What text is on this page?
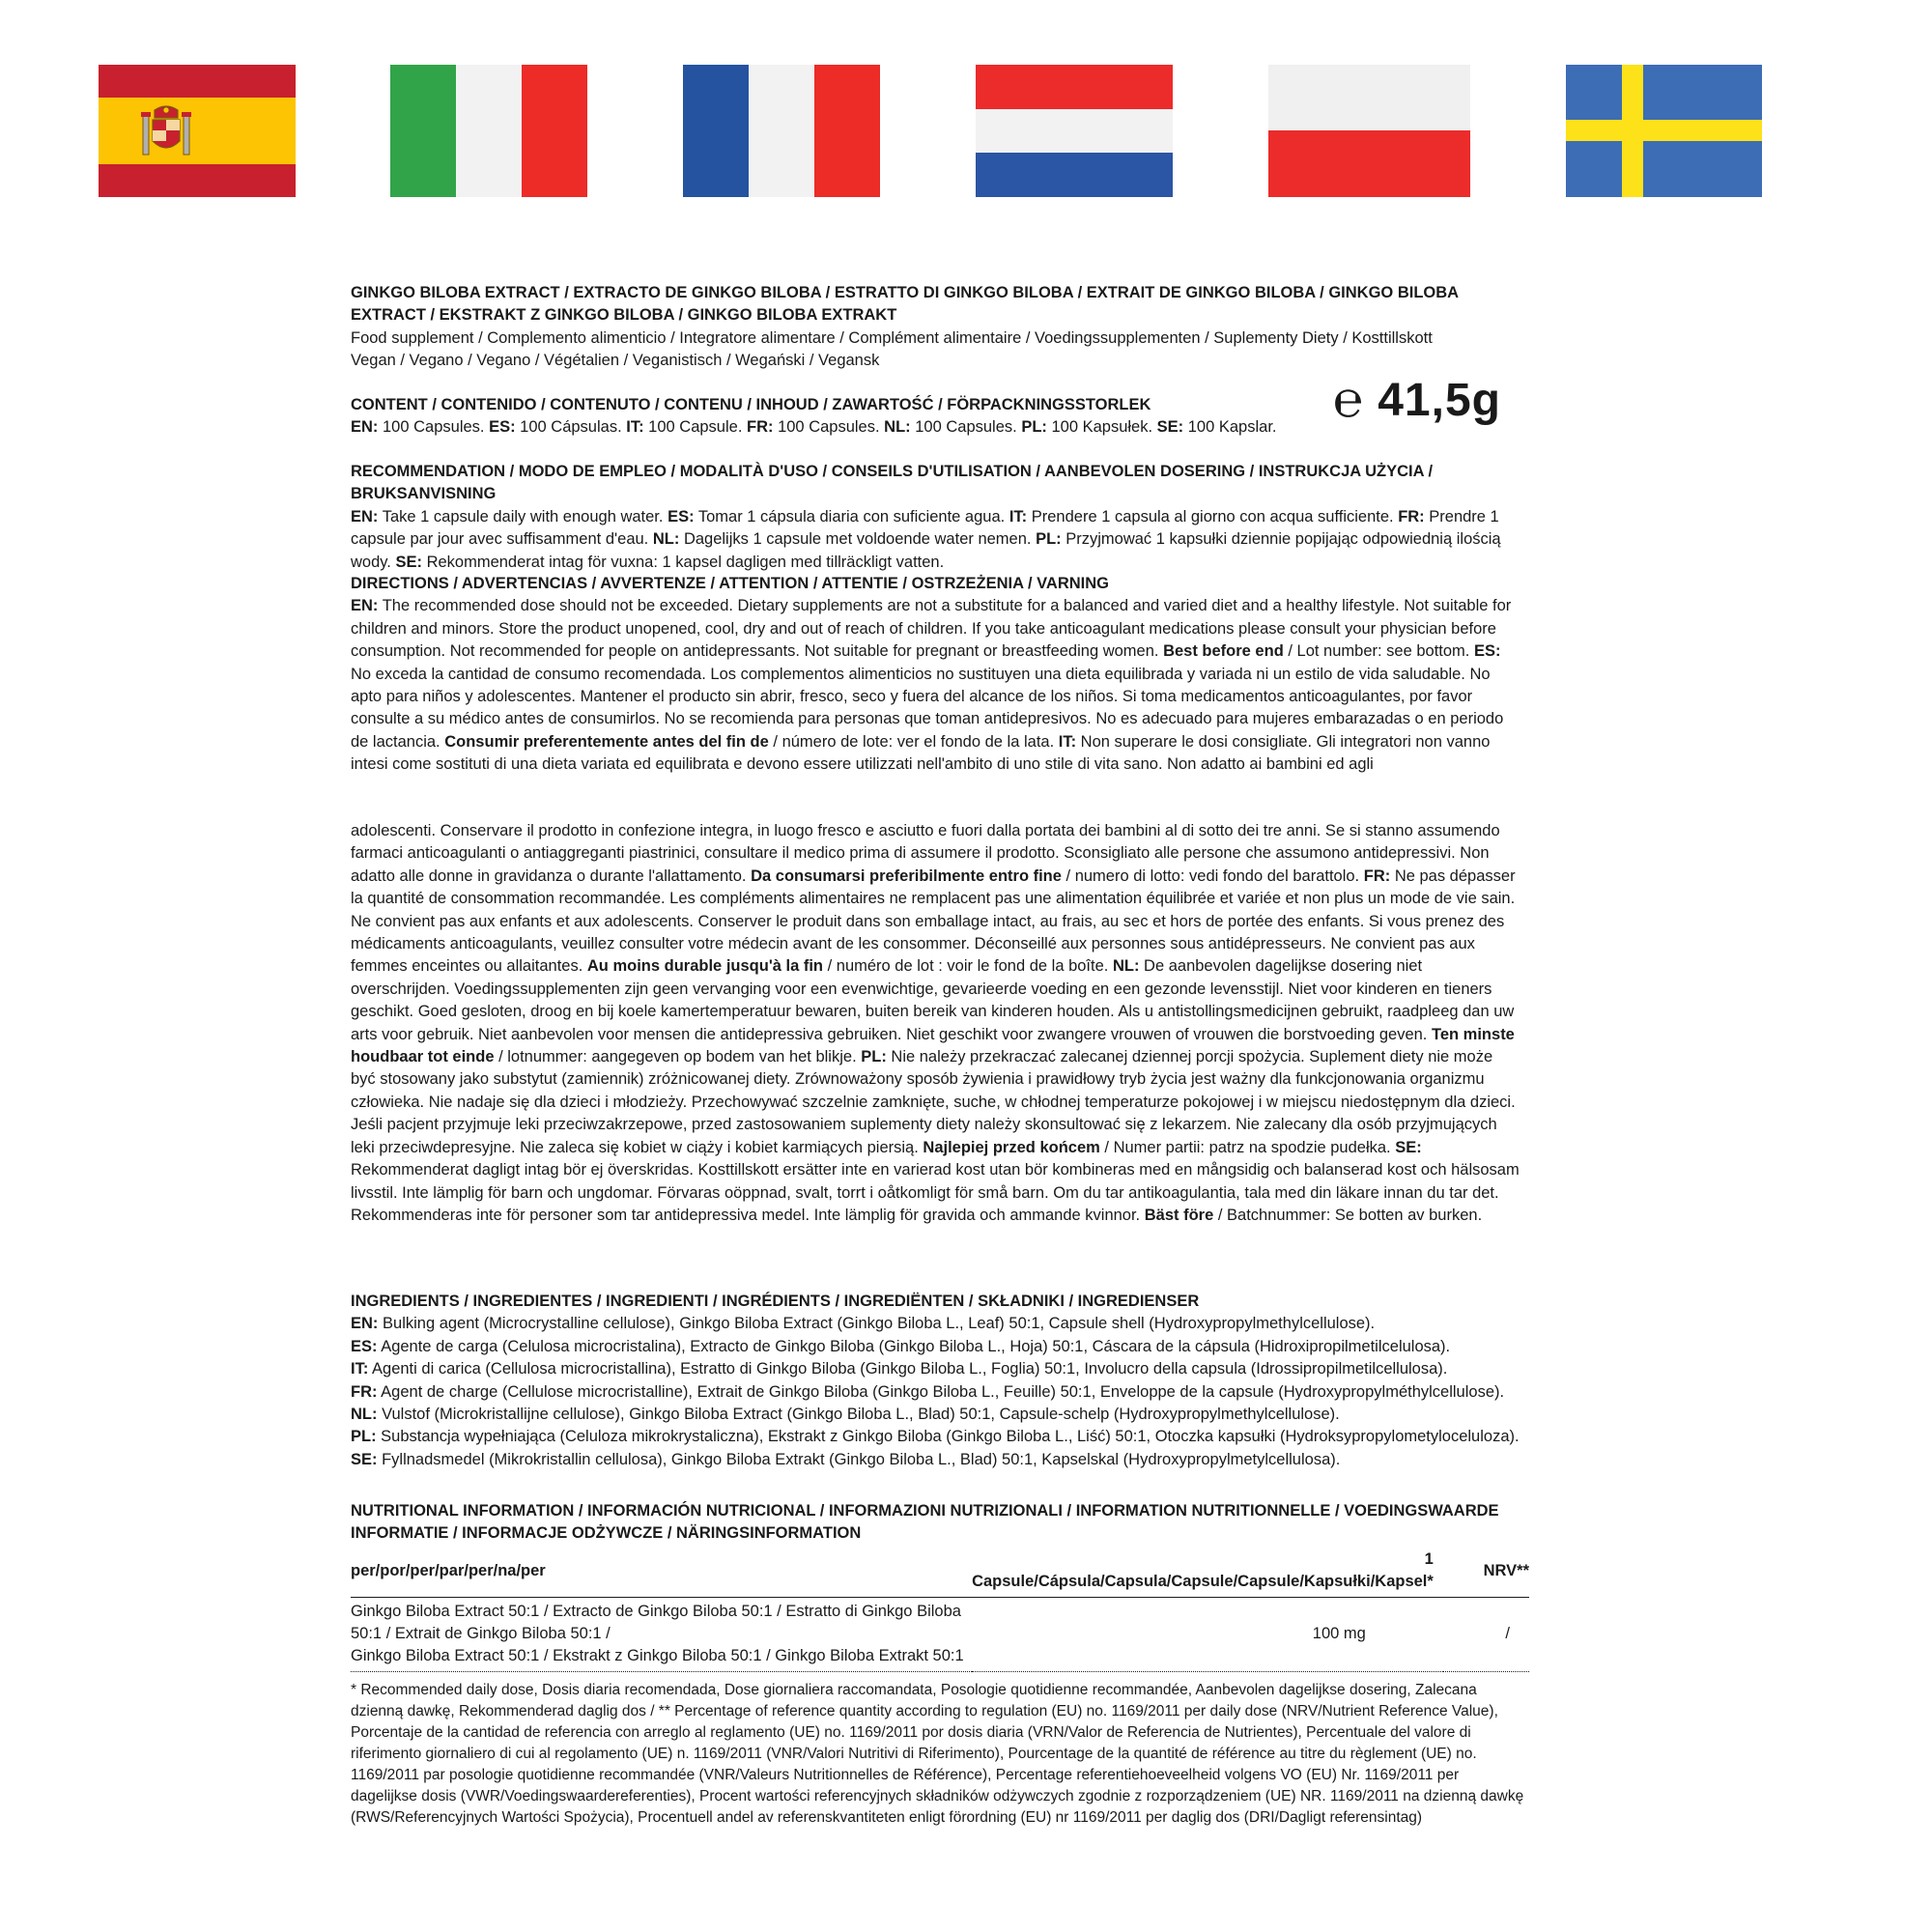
GINKGO BILOBA EXTRACT / EXTRACTO DE GINKGO BILOBA / ESTRATTO DI GINKGO BILOBA / EXTRAIT DE GINKGO BILOBA / GINKGO BILOBA EXTRACT / EKSTRAKT Z GINKGO BILOBA / GINKGO BILOBA EXTRAKT

Food supplement / Complemento alimenticio / Integratore alimentare / Complément alimentaire / Voedingssupplementen / Suplementy Diety / Kosttillskott

Vegan / Vegano / Vegano / Végétalien / Veganistisch / Wegański / Vegansk

℮ 41,5g

CONTENT / CONTENIDO / CONTENUTO / CONTENU / INHOUD / ZAWARTOŚĆ / FÖRPACKNINGSSTORLEK

EN: 100 Capsules. ES: 100 Cápsulas. IT: 100 Capsule. FR: 100 Capsules. NL: 100 Capsules. PL: 100 Kapsułek. SE: 100 Kapslar.

RECOMMENDATION / MODO DE EMPLEO / MODALITÀ D'USO / CONSEILS D'UTILISATION / AANBEVOLEN DOSERING / INSTRUKCJA UŻYCIA / BRUKSANVISNING

EN: Take 1 capsule daily with enough water. ES: Tomar 1 cápsula diaria con suficiente agua. IT: Prendere 1 capsula al giorno con acqua sufficiente. FR: Prendre 1 capsule par jour avec suffisamment d'eau. NL: Dagelijks 1 capsule met voldoende water nemen. PL: Przyjmować 1 kapsułki dziennie popijając odpowiednią ilością wody. SE: Rekommenderat intag för vuxna: 1 kapsel dagligen med tillräckligt vatten.

DIRECTIONS / ADVERTENCIAS / AVVERTENZE / ATTENTION / ATTENTIE / OSTRZEŻENIA / VARNING

EN: The recommended dose should not be exceeded. Dietary supplements are not a substitute for a balanced and varied diet and a healthy lifestyle. Not suitable for children and minors. Store the product unopened, cool, dry and out of reach of children. If you take anticoagulant medications please consult your physician before consumption. Not recommended for people on antidepressants. Not suitable for pregnant or breastfeeding women. Best before end / Lot number: see bottom. ES: No exceda la cantidad de consumo recomendada. Los complementos alimenticios no sustituyen una dieta equilibrada y variada ni un estilo de vida saludable. No apto para niños y adolescentes. Mantener el producto sin abrir, fresco, seco y fuera del alcance de los niños. Si toma medicamentos anticoagulantes, por favor consulte a su médico antes de consumirlos. No se recomienda para personas que toman antidepresivos. No es adecuado para mujeres embarazadas o en periodo de lactancia. Consumir preferentemente antes del fin de / número de lote: ver el fondo de la lata. IT: Non superare le dosi consigliate. Gli integratori non vanno intesi come sostituti di una dieta variata ed equilibrata e devono essere utilizzati nell'ambito di uno stile di vita sano. Non adatto ai bambini ed agli

adolescenti. Conservare il prodotto in confezione integra, in luogo fresco e asciutto e fuori dalla portata dei bambini al di sotto dei tre anni. Se si stanno assumendo farmaci anticoagulanti o antiaggreganti piastrinici, consultare il medico prima di assumere il prodotto. Sconsigliato alle persone che assumono antidepressivi. Non adatto alle donne in gravidanza o durante l'allattamento. Da consumarsi preferibilmente entro fine / numero di lotto: vedi fondo del barattolo. FR: Ne pas dépasser la quantité de consommation recommandée. Les compléments alimentaires ne remplacent pas une alimentation équilibrée et variée et non plus un mode de vie sain. Ne convient pas aux enfants et aux adolescents. Conserver le produit dans son emballage intact, au frais, au sec et hors de portée des enfants. Si vous prenez des médicaments anticoagulants, veuillez consulter votre médecin avant de les consommer. Déconseillé aux personnes sous antidépresseurs. Ne convient pas aux femmes enceintes ou allaitantes. Au moins durable jusqu'à la fin / numéro de lot : voir le fond de la boîte. NL: De aanbevolen dagelijkse dosering niet overschrijden. Voedingssupplementen zijn geen vervanging voor een evenwichtige, gevarieerde voeding en een gezonde levensstijl. Niet voor kinderen en tieners geschikt. Goed gesloten, droog en bij koele kamertemperatuur bewaren, buiten bereik van kinderen houden. Als u antistollingsmedicijnen gebruikt, raadpleeg dan uw arts voor gebruik. Niet aanbevolen voor mensen die antidepressiva gebruiken. Niet geschikt voor zwangere vrouwen of vrouwen die borstvoeding geven. Ten minste houdbaar tot einde / lotnummer: aangegeven op bodem van het blikje. PL: Nie należy przekraczać zalecanej dziennej porcji spożycia. Suplement diety nie może być stosowany jako substytut (zamiennik) zróżnicowanej diety. Zrównoważony sposób żywienia i prawidłowy tryb życia jest ważny dla funkcjonowania organizmu człowieka. Nie nadaje się dla dzieci i młodzieży. Przechowywać szczelnie zamknięte, suche, w chłodnej temperaturze pokojowej i w miejscu niedostępnym dla dzieci. Jeśli pacjent przyjmuje leki przeciwzakrzepowe, przed zastosowaniem suplementy diety należy skonsultować się z lekarzem. Nie zalecany dla osób przyjmujących leki przeciwdepresyjne. Nie zaleca się kobiet w ciąży i kobiet karmiących piersią. Najlepiej przed końcem / Numer partii: patrz na spodzie pudełka. SE: Rekommenderat dagligt intag bör ej överskridas. Kosttillskott ersätter inte en varierad kost utan bör kombineras med en mångsidig och balanserad kost och hälsosam livsstil. Inte lämplig för barn och ungdomar. Förvaras oöppnad, svalt, torrt i oåtkomligt för små barn. Om du tar antikoagulantia, tala med din läkare innan du tar det. Rekommenderas inte för personer som tar antidepressiva medel. Inte lämplig för gravida och ammande kvinnor. Bäst före / Batchnummer: Se botten av burken.

INGREDIENTS / INGREDIENTES / INGREDIENTI / INGRÉDIENTS / INGREDIËNTEN / SKŁADNIKI / INGREDIENSER

EN: Bulking agent (Microcrystalline cellulose), Ginkgo Biloba Extract (Ginkgo Biloba L., Leaf) 50:1, Capsule shell (Hydroxypropylmethylcellulose).

ES: Agente de carga (Celulosa microcristalina), Extracto de Ginkgo Biloba (Ginkgo Biloba L., Hoja) 50:1, Cáscara de la cápsula (Hidroxipropilmetilcelulosa).

IT: Agenti di carica (Cellulosa microcristallina), Estratto di Ginkgo Biloba (Ginkgo Biloba L., Foglia) 50:1, Involucro della capsula (Idrossipropilmetilcellulosa).

FR: Agent de charge (Cellulose microcristalline), Extrait de Ginkgo Biloba (Ginkgo Biloba L., Feuille) 50:1, Enveloppe de la capsule (Hydroxypropylméthylcellulose).

NL: Vulstof (Microkristallijne cellulose), Ginkgo Biloba Extract (Ginkgo Biloba L., Blad) 50:1, Capsule-schelp (Hydroxypropylmethylcellulose).

PL: Substancja wypełniająca (Celuloza mikrokrystaliczna), Ekstrakt z Ginkgo Biloba (Ginkgo Biloba L., Liść) 50:1, Otoczka kapsułki (Hydroksypropylometyloceluloza).

SE: Fyllnadsmedel (Mikrokristallin cellulosa), Ginkgo Biloba Extrakt (Ginkgo Biloba L., Blad) 50:1, Kapselskal (Hydroxypropylmetylcellulosa).

NUTRITIONAL INFORMATION / INFORMACIÓN NUTRICIONAL / INFORMAZIONI NUTRIZIONALI / INFORMATION NUTRITIONNELLE / VOEDINGSWAARDE INFORMATIE / INFORMACJE ODŻYWCZE / NÄRINGSINFORMATION

per/por/per/par/per/na/per	1 Capsule/Cápsula/Capsula/Capsule/Capsule/Kapsułki/Kapsel*	NRV**

Ginkgo Biloba Extract 50:1 / Extracto de Ginkgo Biloba 50:1 / Estratto di Ginkgo Biloba 50:1 / Extrait de Ginkgo Biloba 50:1 /
Ginkgo Biloba Extract 50:1 / Ekstrakt z Ginkgo Biloba 50:1 / Ginkgo Biloba Extrakt 50:1	100 mg	/

* Recommended daily dose, Dosis diaria recomendada, Dose giornaliera raccomandata, Posologie quotidienne recommandée, Aanbevolen dagelijkse dosering, Zalecana dzienną dawkę, Rekommenderad daglig dos / ** Percentage of reference quantity according to regulation (EU) no. 1169/2011 per daily dose (NRV/Nutrient Reference Value), Porcentaje de la cantidad de referencia con arreglo al reglamento (UE) no. 1169/2011 por dosis diaria (VRN/Valor de Referencia de Nutrientes), Percentuale del valore di riferimento giornaliero di cui al regolamento (UE) n. 1169/2011 (VNR/Valori Nutritivi di Riferimento), Pourcentage de la quantité de référence au titre du règlement (UE) no. 1169/2011 par posologie quotidienne recommandée (VNR/Valeurs Nutritionnelles de Référence), Percentage referentiehoeveelheid volgens VO (EU) Nr. 1169/2011 per dagelijkse dosis (VWR/Voedingswaardereferenties), Procent wartości referencyjnych składników odżywczych zgodnie z rozporządzeniem (UE) NR. 1169/2011 na dzienną dawkę (RWS/Referencyjnych Wartości Spożycia), Procentuell andel av referenskvantiteten enligt förordning (EU) nr 1169/2011 per daglig dos (DRI/Dagligt referensintag)
